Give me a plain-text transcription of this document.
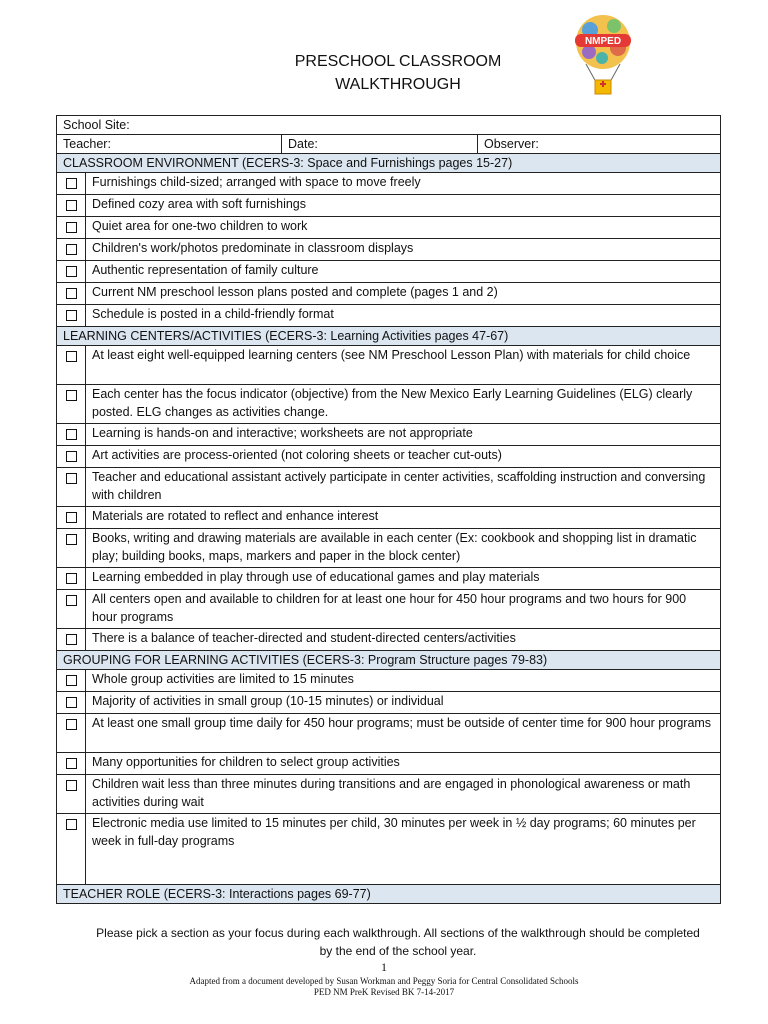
PRESCHOOL CLASSROOM
WALKTHROUGH
NMPED
School Site:			
Teacher:		Date:	Observer:
CLASSROOM ENVIRONMENT (ECERS-3: Space and Furnishings pages 15-27)			
	Furnishings child-sized; arranged with space to move freely		
	Defined cozy area with soft furnishings		
	Quiet area for one-two children to work		
	Children's work/photos predominate in classroom displays		
	Authentic representation of family culture		
	Current NM preschool lesson plans posted and complete (pages 1 and 2)		
	Schedule is posted in a child-friendly format		
LEARNING CENTERS/ACTIVITIES (ECERS-3: Learning Activities pages 47-67)			
	At least eight well-equipped learning centers (see NM Preschool Lesson Plan) with materials for child choice		
	Each center has the focus indicator (objective) from the New Mexico Early Learning Guidelines (ELG) clearly posted. ELG changes as activities change.		
	Learning is hands-on and interactive; worksheets are not appropriate		
	Art activities are process-oriented (not coloring sheets or teacher cut-outs)		
	Teacher and educational assistant actively participate in center activities, scaffolding instruction and conversing with children		
	Materials are rotated to reflect and enhance interest		
	Books, writing and drawing materials are available in each center (Ex: cookbook and shopping list in dramatic play; building books, maps, markers and paper in the block center)		
	Learning embedded in play through use of educational games and play materials		
	All centers open and available to children for at least one hour for 450 hour programs and two hours for 900 hour programs		
	There is a balance of teacher-directed and student-directed centers/activities		
GROUPING FOR LEARNING ACTIVITIES (ECERS-3: Program Structure pages 79-83)			
	Whole group activities are limited to 15 minutes		
	Majority of activities in small group (10-15 minutes) or individual		
	At least one small group time daily for 450 hour programs; must be outside of center time for 900 hour programs		
	Many opportunities for children to select group activities		
	Children wait less than three minutes during transitions and are engaged in phonological awareness or math activities during wait		
	Electronic media use limited to 15 minutes per child, 30 minutes per week in ½ day programs; 60 minutes per week in full-day programs		
TEACHER ROLE (ECERS-3: Interactions pages 69-77)			
Please pick a section as your focus during each walkthrough. All sections of the walkthrough should be completed by the end of the school year.
1
Adapted from a document developed by Susan Workman and Peggy Soria for Central Consolidated Schools
PED NM PreK Revised BK 7-14-2017
